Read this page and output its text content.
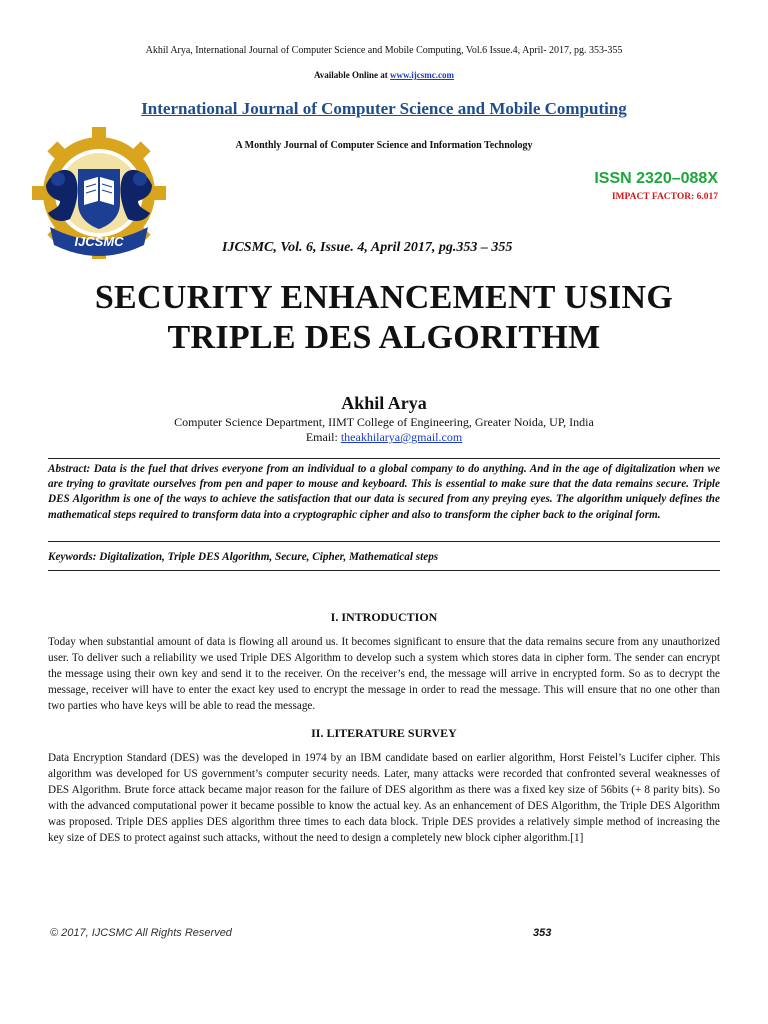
Akhil Arya, International Journal of Computer Science and Mobile Computing, Vol.6 Issue.4, April- 2017, pg. 353-355
Available Online at www.ijcsmc.com
International Journal of Computer Science and Mobile Computing
A Monthly Journal of Computer Science and Information Technology
IJCSMC
ISSN 2320–088X
IMPACT FACTOR: 6.017
IJCSMC, Vol. 6, Issue. 4, April 2017, pg.353 – 355
SECURITY ENHANCEMENT USING
TRIPLE DES ALGORITHM
Akhil Arya
Computer Science Department, IIMT College of Engineering, Greater Noida, UP, India
Email: theakhilarya@gmail.com
Abstract: Data is the fuel that drives everyone from an individual to a global company to do anything. And in the age of digitalization when we are trying to gravitate ourselves from pen and paper to mouse and keyboard. This is essential to make sure that the data remains secure. Triple DES Algorithm is one of the ways to achieve the satisfaction that our data is secured from any preying eyes. The algorithm uniquely defines the mathematical steps required to transform data into a cryptographic cipher and also to transform the cipher back to the original form.
Keywords: Digitalization, Triple DES Algorithm, Secure, Cipher, Mathematical steps
I. INTRODUCTION
Today when substantial amount of data is flowing all around us. It becomes significant to ensure that the data remains secure from any unauthorized user. To deliver such a reliability we used Triple DES Algorithm to develop such a system which stores data in cipher form. The sender can encrypt the message using their own key and send it to the receiver. On the receiver’s end, the message will arrive in encrypted form. So as to decrypt the message, receiver will have to enter the exact key used to encrypt the message in order to read the message. This will ensure that no one other than two parties who have keys will be able to read the message.
II. LITERATURE SURVEY
Data Encryption Standard (DES) was the developed in 1974 by an IBM candidate based on earlier algorithm, Horst Feistel’s Lucifer cipher. This algorithm was developed for US government’s computer security needs. Later, many attacks were recorded that confronted several weaknesses of DES Algorithm. Brute force attack became major reason for the failure of DES algorithm as there was a fixed key size of 56bits (+ 8 parity bits). So with the advanced computational power it became possible to know the actual key. As an enhancement of DES Algorithm, the Triple DES Algorithm was proposed. Triple DES applies DES algorithm three times to each data block. Triple DES provides a relatively simple method of increasing the key size of DES to protect against such attacks, without the need to design a completely new block cipher algorithm.[1]
© 2017, IJCSMC All Rights Reserved	353
